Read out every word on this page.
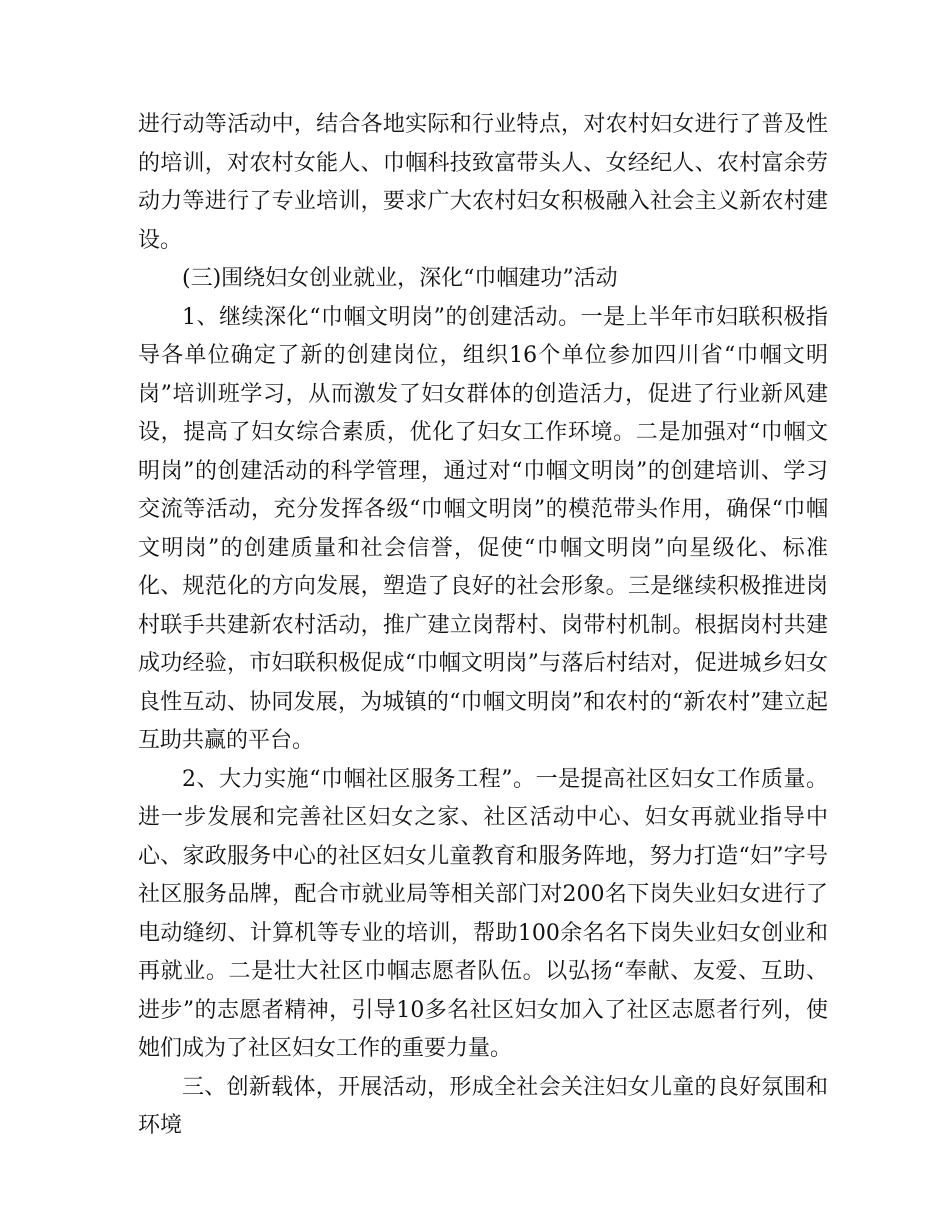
进行动等活动中，结合各地实际和行业特点，对农村妇女进行了普及性的培训，对农村女能人、巾帼科技致富带头人、女经纪人、农村富余劳动力等进行了专业培训，要求广大农村妇女积极融入社会主义新农村建设。

(三)围绕妇女创业就业，深化“巾帼建功”活动

1、继续深化“巾帼文明岗”的创建活动。一是上半年市妇联积极指导各单位确定了新的创建岗位，组织16个单位参加四川省“巾帼文明岗”培训班学习，从而激发了妇女群体的创造活力，促进了行业新风建设，提高了妇女综合素质，优化了妇女工作环境。二是加强对“巾帼文明岗”的创建活动的科学管理，通过对“巾帼文明岗”的创建培训、学习交流等活动，充分发挥各级“巾帼文明岗”的模范带头作用，确保“巾帼文明岗”的创建质量和社会信誉，促使“巾帼文明岗”向星级化、标准化、规范化的方向发展，塑造了良好的社会形象。三是继续积极推进岗村联手共建新农村活动，推广建立岗帮村、岗带村机制。根据岗村共建成功经验，市妇联积极促成“巾帼文明岗”与落后村结对，促进城乡妇女良性互动、协同发展，为城镇的“巾帼文明岗”和农村的“新农村”建立起互助共赢的平台。

2、大力实施“巾帼社区服务工程”。一是提高社区妇女工作质量。进一步发展和完善社区妇女之家、社区活动中心、妇女再就业指导中心、家政服务中心的社区妇女儿童教育和服务阵地，努力打造“妇”字号社区服务品牌，配合市就业局等相关部门对200名下岗失业妇女进行了电动缝纫、计算机等专业的培训，帮助100余名名下岗失业妇女创业和再就业。二是壮大社区巾帼志愿者队伍。以弘扬“奉献、友爱、互助、进步”的志愿者精神，引导10多名社区妇女加入了社区志愿者行列，使她们成为了社区妇女工作的重要力量。

三、创新载体，开展活动，形成全社会关注妇女儿童的良好氛围和环境
